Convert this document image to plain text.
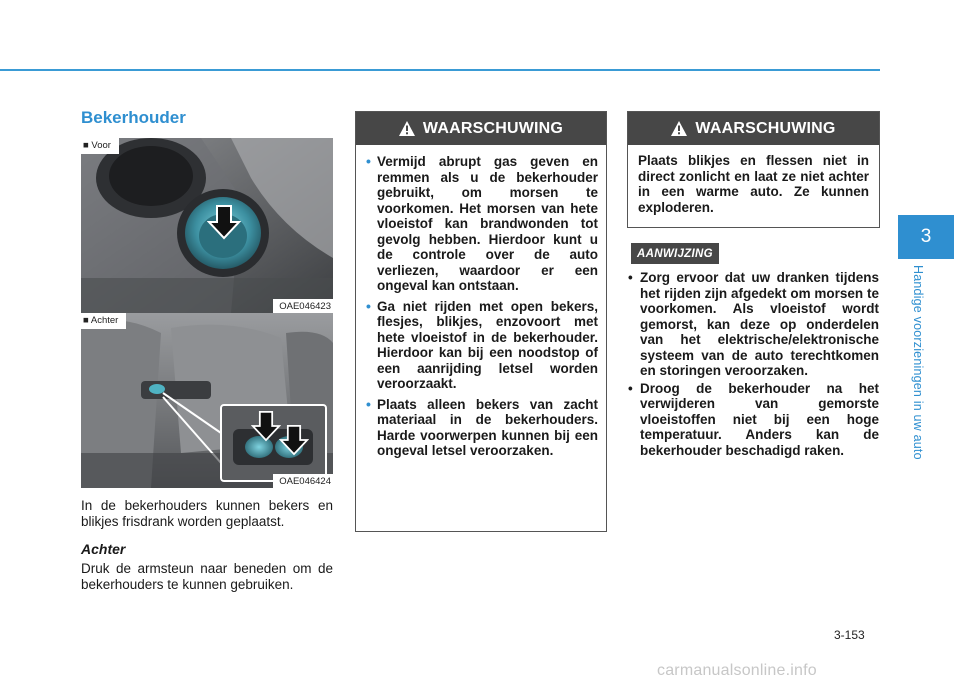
Bekerhouder
■ Voor
OAE046423
■ Achter
OAE046424

In de bekerhouders kunnen bekers en blikjes frisdrank worden geplaatst.

Achter

Druk de armsteun naar beneden om de bekerhouders te kunnen gebruiken.

WAARSCHUWING
• Vermijd abrupt gas geven en remmen als u de bekerhouder gebruikt, om morsen te voorkomen. Het morsen van hete vloeistof kan brandwonden tot gevolg hebben. Hierdoor kunt u de controle over de auto verliezen, waardoor er een ongeval kan ontstaan.
• Ga niet rijden met open bekers, flesjes, blikjes, enzovoort met hete vloeistof in de bekerhouder. Hierdoor kan bij een noodstop of een aanrijding letsel worden veroorzaakt.
• Plaats alleen bekers van zacht materiaal in de bekerhouders. Harde voorwerpen kunnen bij een ongeval letsel veroorzaken.
WAARSCHUWING

Plaats blikjes en flessen niet in direct zonlicht en laat ze niet achter in een warme auto. Ze kunnen exploderen.

AANWIJZING
• Zorg ervoor dat uw dranken tijdens het rijden zijn afgedekt om morsen te voorkomen. Als vloeistof wordt gemorst, kan deze op onderdelen van het elektrische/elektronische systeem van de auto terechtkomen en storingen veroorzaken.
• Droog de bekerhouder na het verwijderen van gemorste vloeistoffen niet bij een hoge temperatuur. Anders kan de bekerhouder beschadigd raken.
3
Handige voorzieningen in uw auto
3-153
carmanualsonline.info
